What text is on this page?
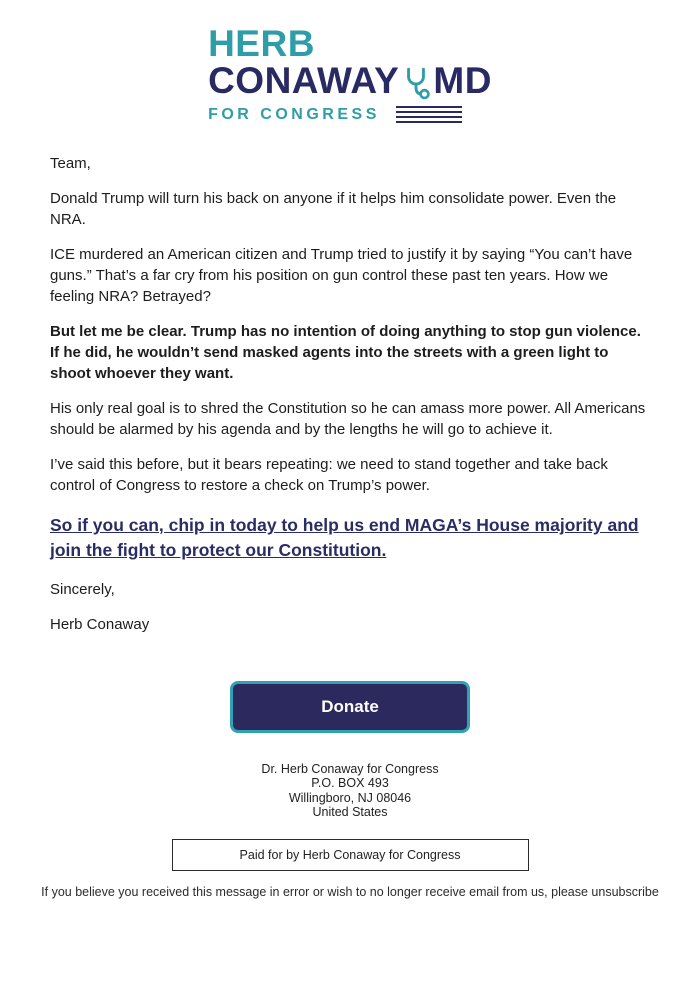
HERB
CONAWAY MD
FOR CONGRESS

Team,

Donald Trump will turn his back on anyone if it helps him consolidate power. Even the NRA.

ICE murdered an American citizen and Trump tried to justify it by saying “You can’t have guns.” That’s a far cry from his position on gun control these past ten years. How we feeling NRA? Betrayed?

But let me be clear. Trump has no intention of doing anything to stop gun violence. If he did, he wouldn’t send masked agents into the streets with a green light to shoot whoever they want.

His only real goal is to shred the Constitution so he can amass more power. All Americans should be alarmed by his agenda and by the lengths he will go to achieve it.

I’ve said this before, but it bears repeating: we need to stand together and take back control of Congress to restore a check on Trump’s power.

So if you can, chip in today to help us end MAGA’s House majority and join the fight to protect our Constitution.

Sincerely,

Herb Conaway

Donate
Dr. Herb Conaway for Congress
P.O. BOX 493
Willingboro, NJ 08046
United States
Paid for by Herb Conaway for Congress
If you believe you received this message in error or wish to no longer receive email from us, please unsubscribe
